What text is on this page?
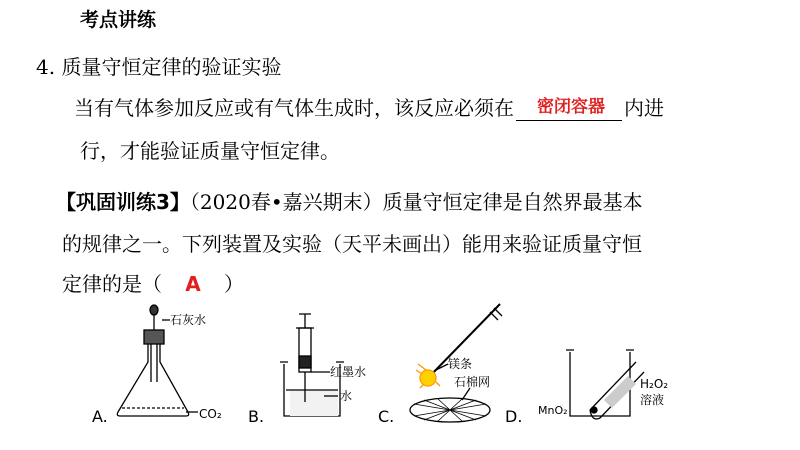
考点讲练
4. 质量守恒定律的验证实验
当有气体参加反应或有气体生成时，该反应必须在	密闭容器 内进
行，才能验证质量守恒定律。
【巩固训练3】（2020春•嘉兴期末）质量守恒定律是自然界最基本
的规律之一。下列装置及实验（天平未画出）能用来验证质量守恒
定律的是（ A ）
A.
石灰水
CO₂ B.
红墨水
水
C.
镁条
石棉网
D. MnO₂
H₂O₂
溶液
